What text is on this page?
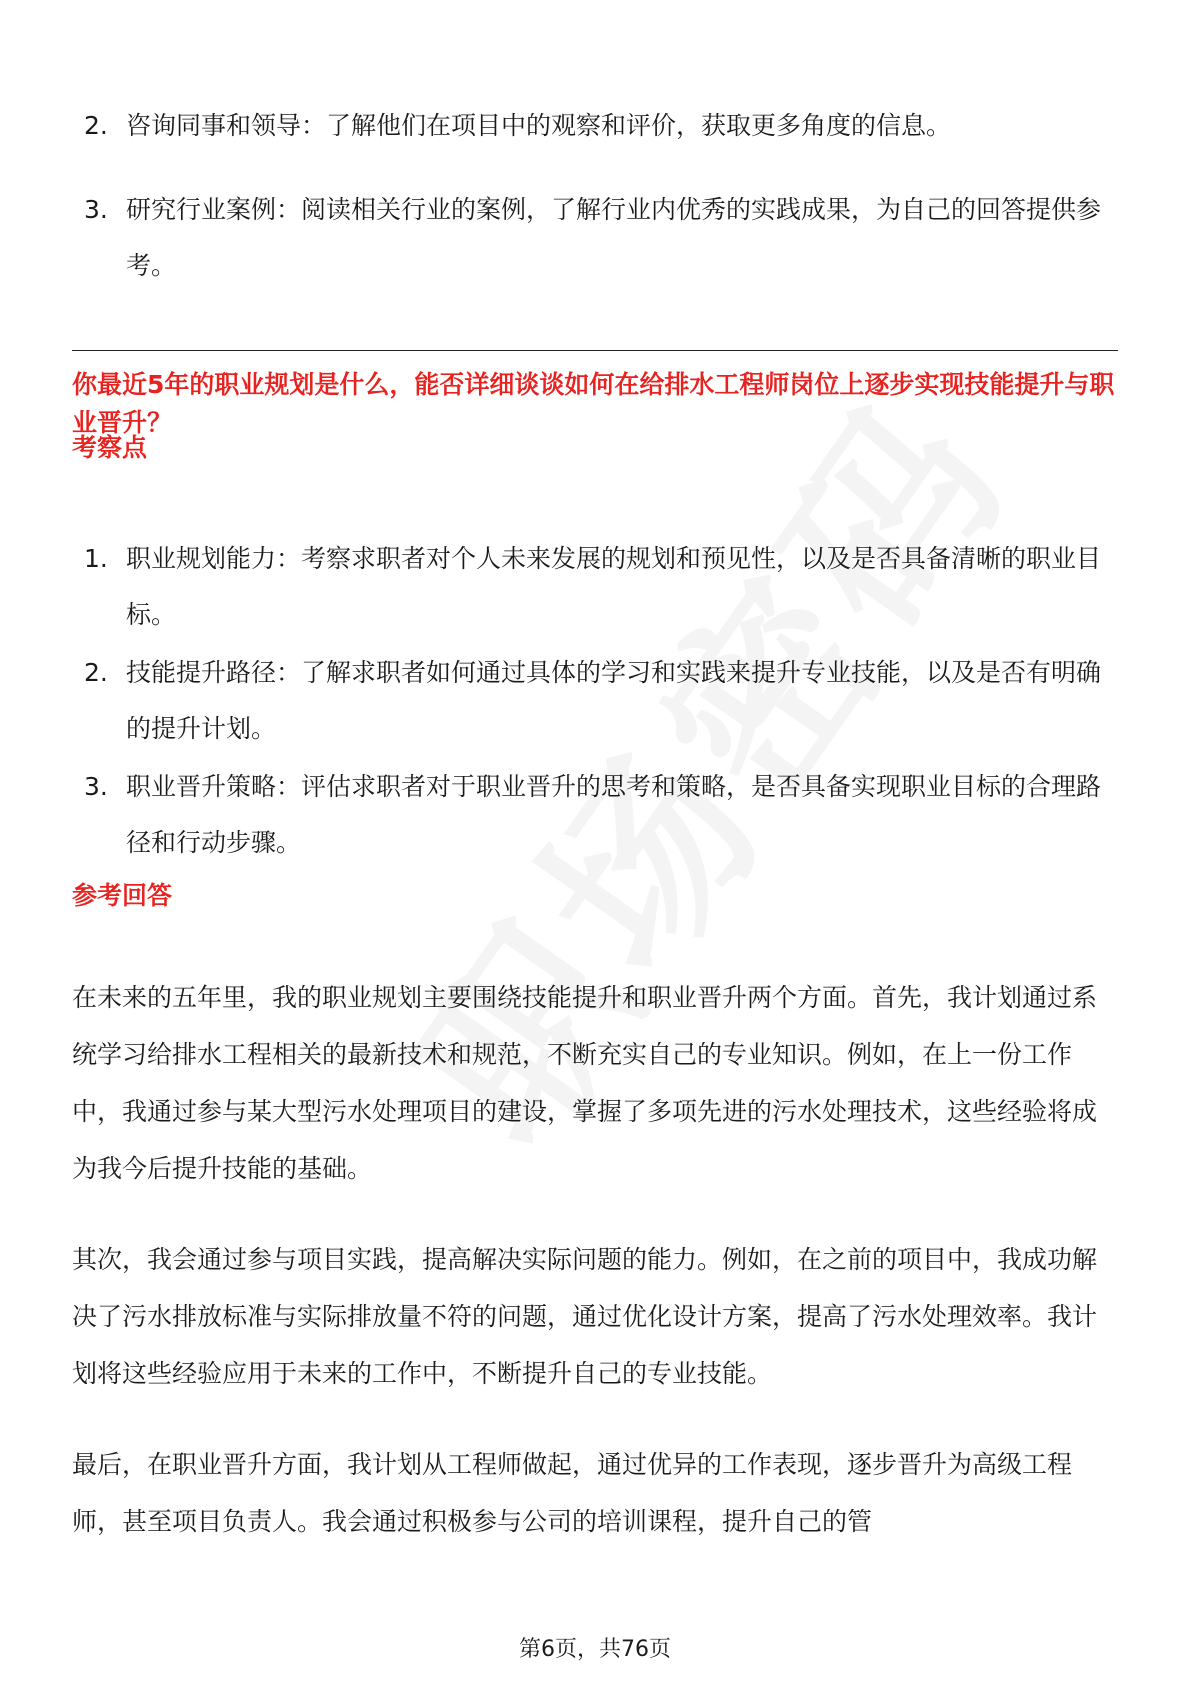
2. 咨询同事和领导：了解他们在项目中的观察和评价，获取更多角度的信息。
3. 研究行业案例：阅读相关行业的案例，了解行业内优秀的实践成果，为自己的回答提供参考。
你最近5年的职业规划是什么，能否详细谈谈如何在给排水工程师岗位上逐步实现技能提升与职业晋升？
考察点
1. 职业规划能力：考察求职者对个人未来发展的规划和预见性，以及是否具备清晰的职业目标。
2. 技能提升路径：了解求职者如何通过具体的学习和实践来提升专业技能，以及是否有明确的提升计划。
3. 职业晋升策略：评估求职者对于职业晋升的思考和策略，是否具备实现职业目标的合理路径和行动步骤。
参考回答

在未来的五年里，我的职业规划主要围绕技能提升和职业晋升两个方面。首先，我计划通过系统学习给排水工程相关的最新技术和规范，不断充实自己的专业知识。例如，在上一份工作中，我通过参与某大型污水处理项目的建设，掌握了多项先进的污水处理技术，这些经验将成为我今后提升技能的基础。

其次，我会通过参与项目实践，提高解决实际问题的能力。例如，在之前的项目中，我成功解决了污水排放标准与实际排放量不符的问题，通过优化设计方案，提高了污水处理效率。我计划将这些经验应用于未来的工作中，不断提升自己的专业技能。

最后，在职业晋升方面，我计划从工程师做起，通过优异的工作表现，逐步晋升为高级工程师，甚至项目负责人。我会通过积极参与公司的培训课程，提升自己的管

第6页，共76页
